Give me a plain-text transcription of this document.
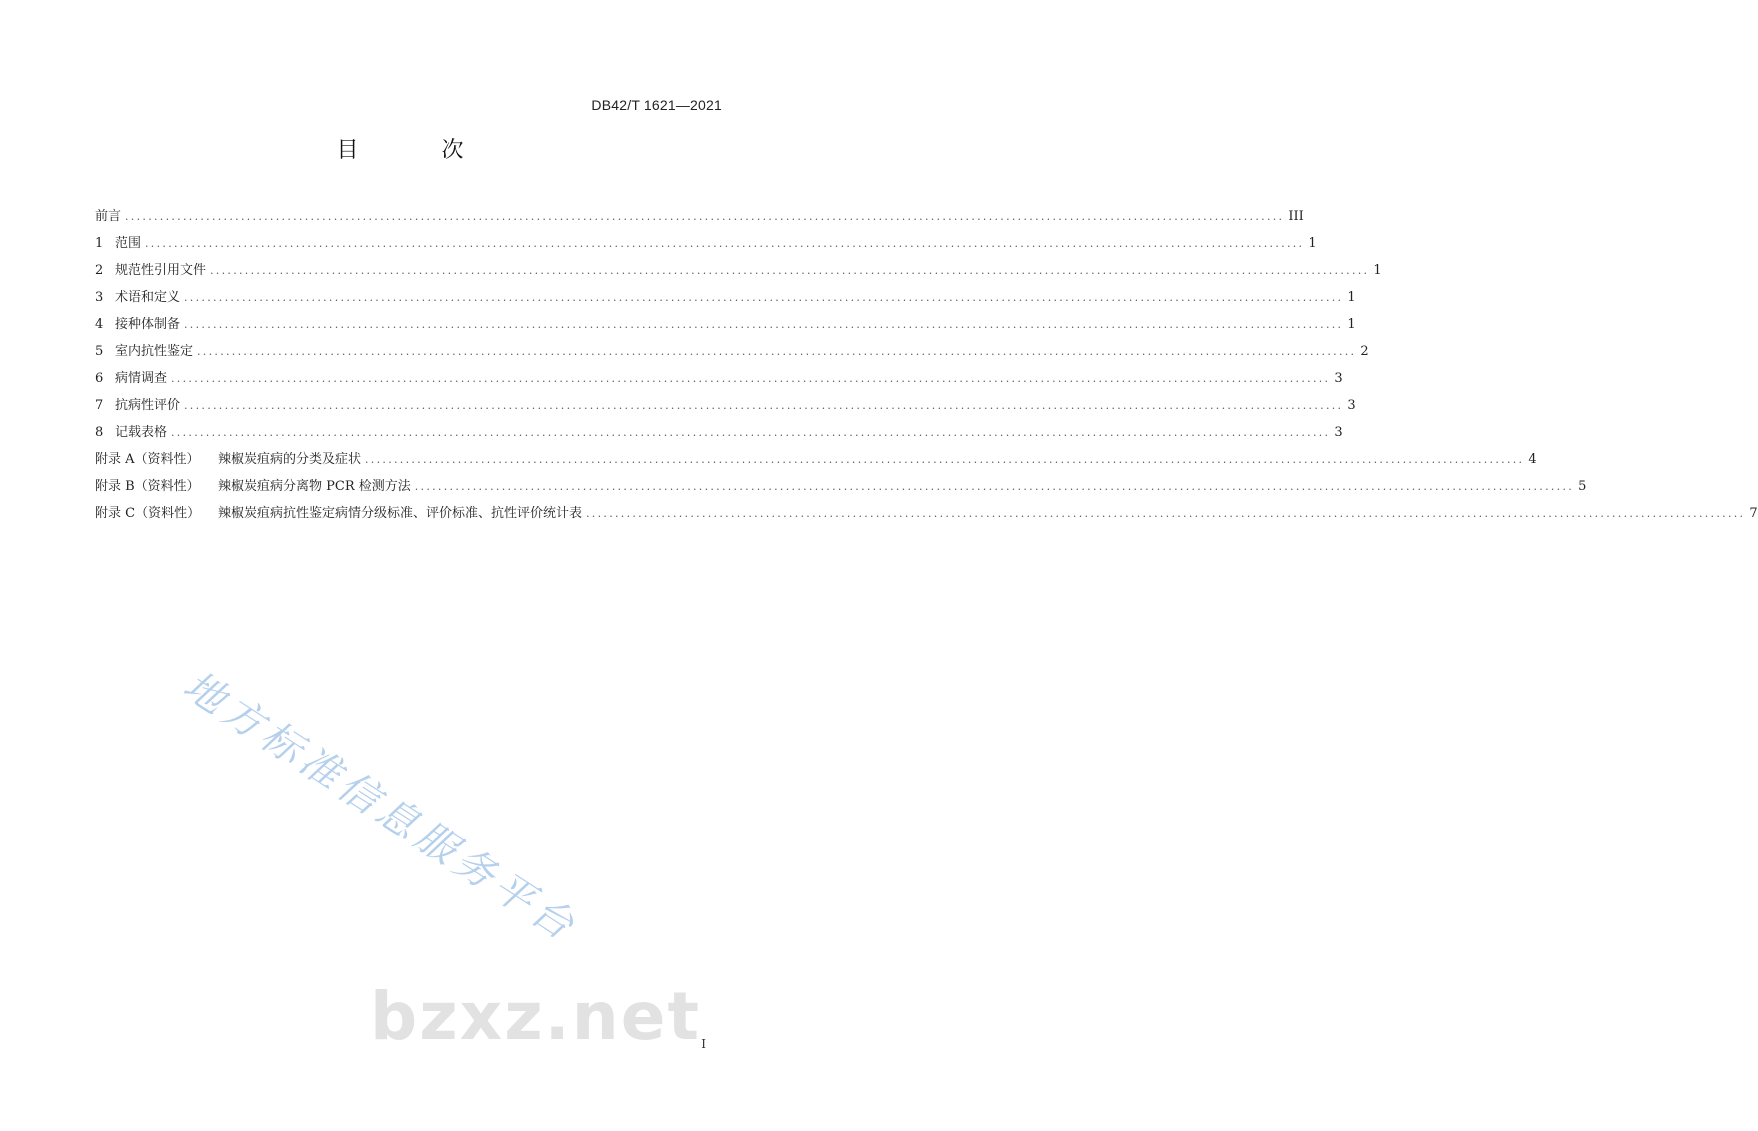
DB42/T 1621—2021
目 次
前言 ........................................................................................................................................................................................................ III
1 范围 ........................................................................................................................................................................................................ 1
2 规范性引用文件 ........................................................................................................................................................................................................ 1
3 术语和定义 ........................................................................................................................................................................................................ 1
4 接种体制备 ........................................................................................................................................................................................................ 1
5 室内抗性鉴定 ........................................................................................................................................................................................................ 2
6 病情调查 ........................................................................................................................................................................................................ 3
7 抗病性评价 ........................................................................................................................................................................................................ 3
8 记载表格 ........................................................................................................................................................................................................ 3
附录 A（资料性） 辣椒炭疽病的分类及症状 ........................................................................................................................................................................................................ 4
附录 B（资料性） 辣椒炭疽病分离物 PCR 检测方法 ........................................................................................................................................................................................................ 5
附录 C（资料性） 辣椒炭疽病抗性鉴定病情分级标准、评价标准、抗性评价统计表 ........................................................................................................................................................................................................ 7
地方标准信息服务平台
bzxz.net I
